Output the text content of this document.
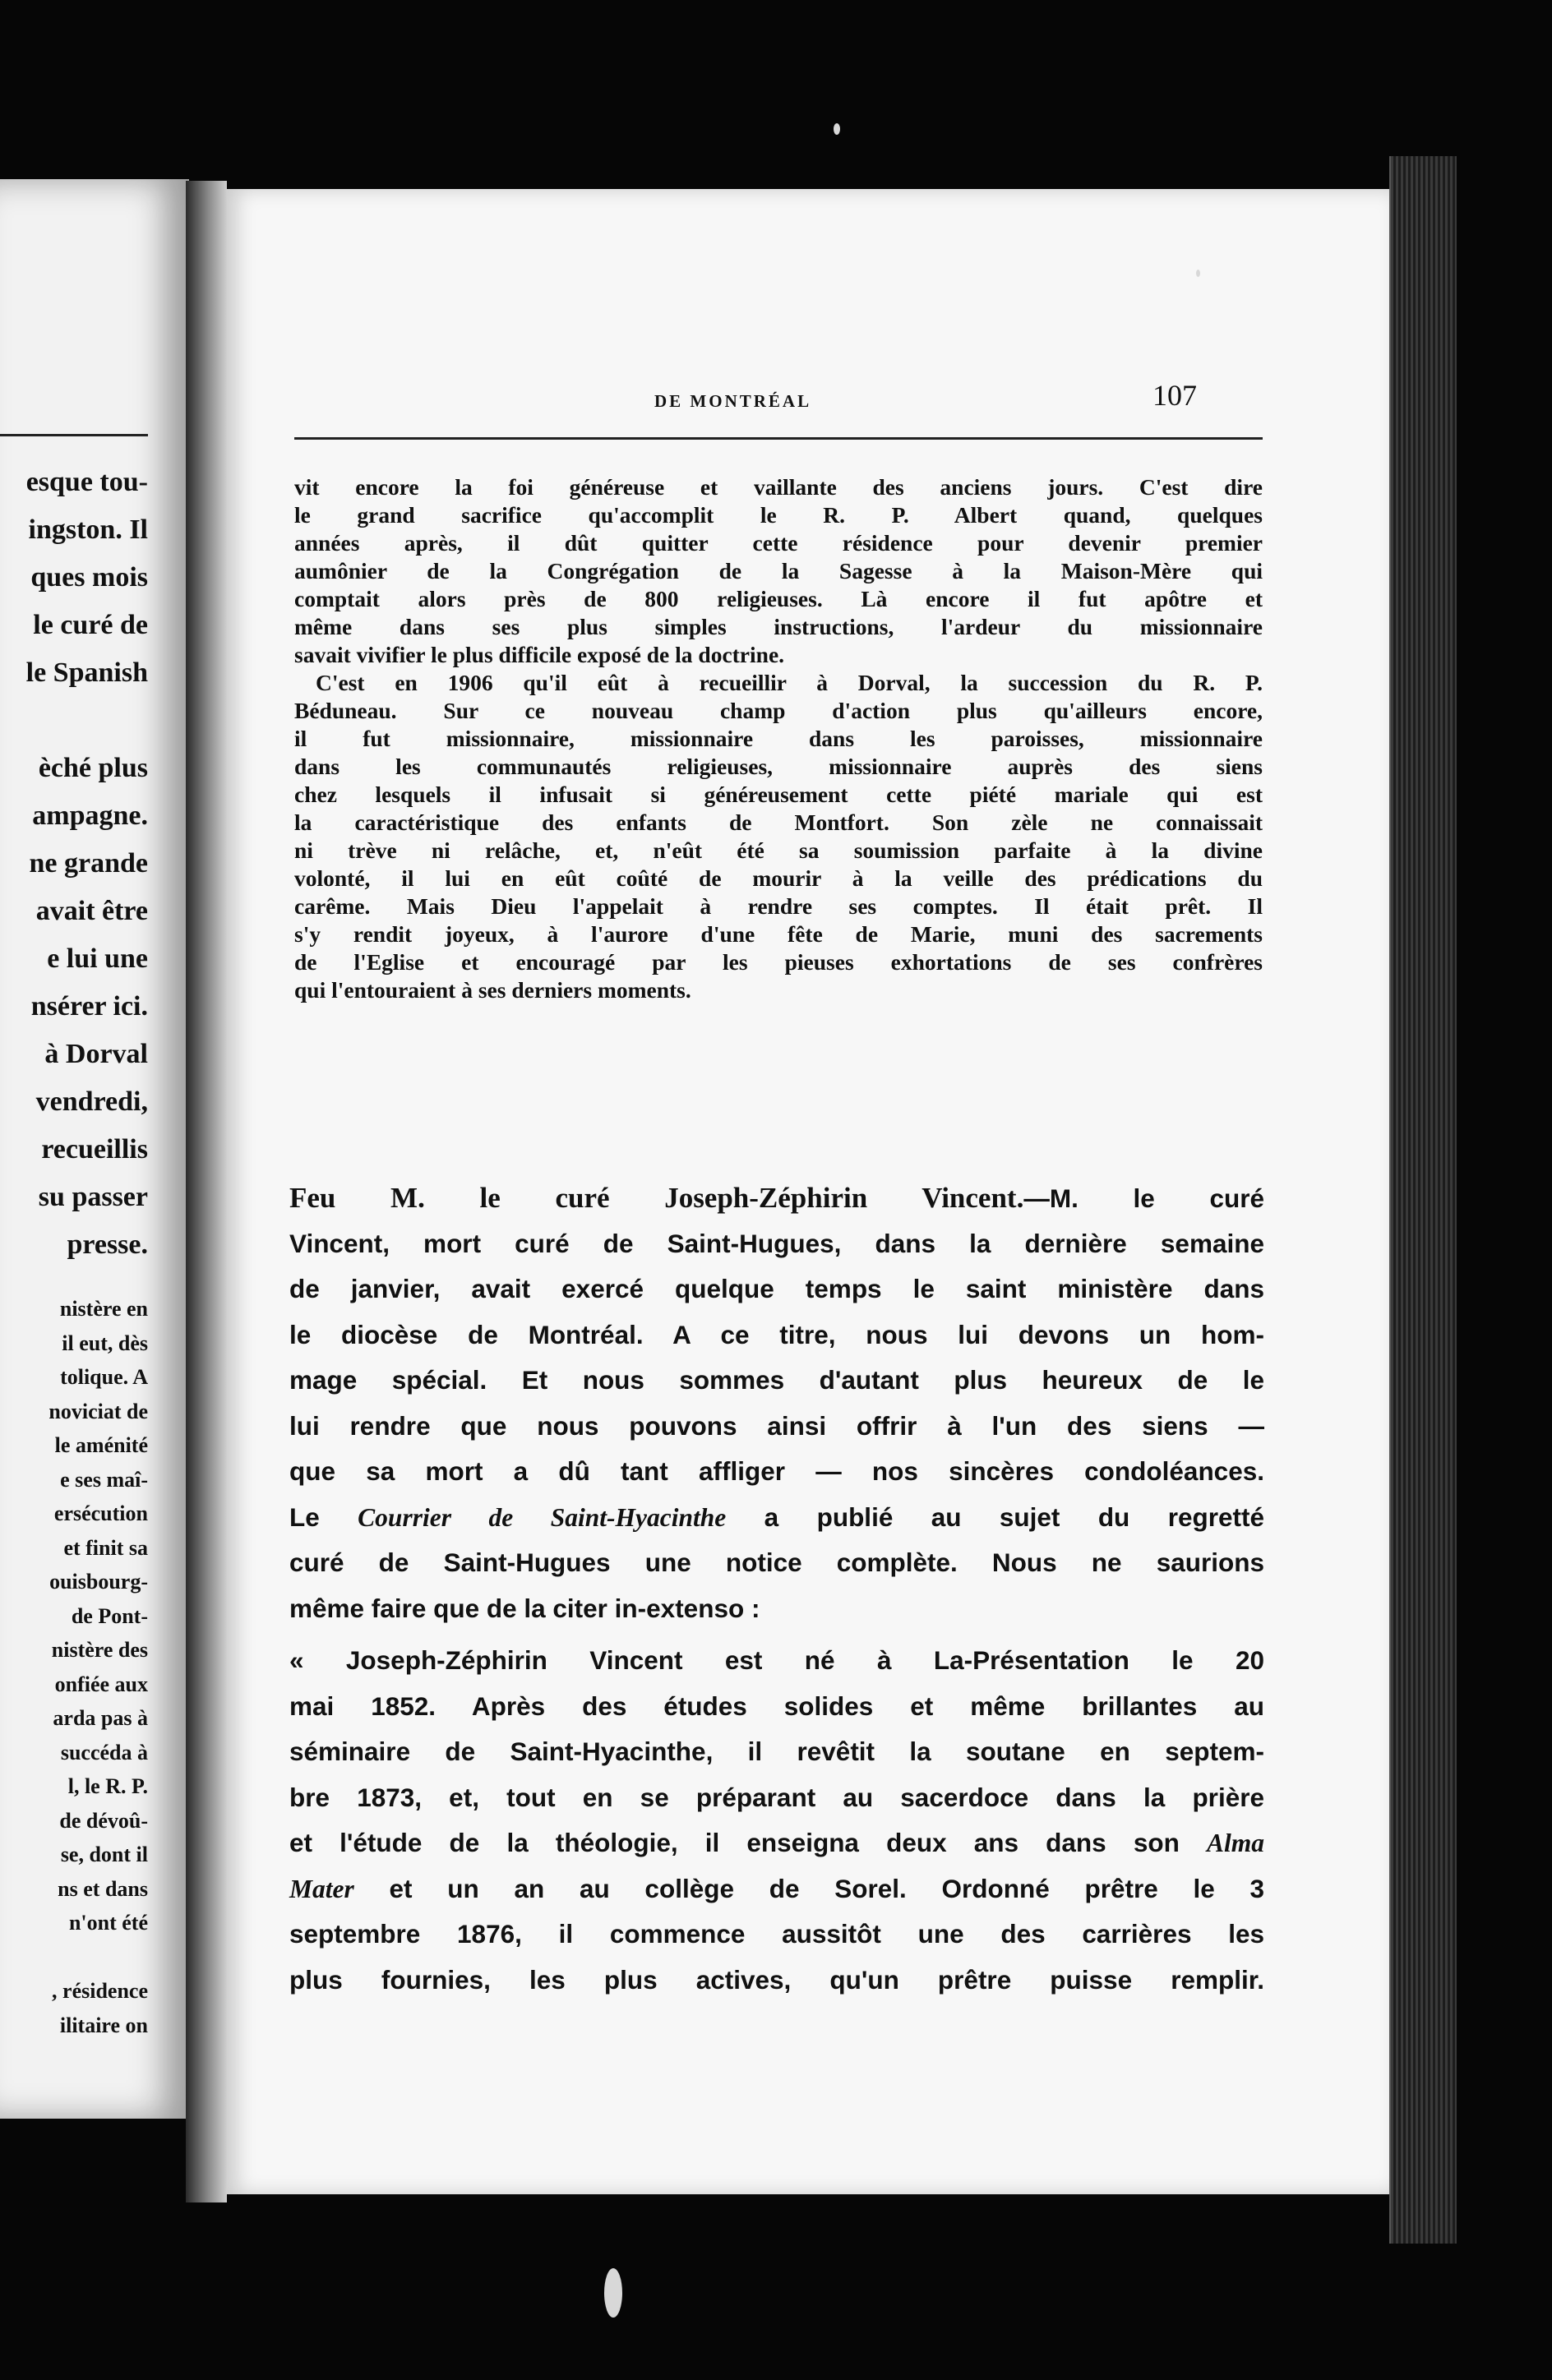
esque tou-
ingston. Il
ques mois
le curé de
le Spanish
èché plus
ampagne.
ne grande
avait être
e lui une
nsérer ici.
à Dorval
vendredi,
recueillis
su passer
presse.
nistère en
il eut, dès
tolique. A
noviciat de
le aménité
e ses maî-
ersécution
et finit sa
ouisbourg-
de Pont-
nistère des
onfiée aux
arda pas à
succéda à
l, le R. P.
de dévoû-
se, dont il
ns et dans
n'ont été
, résidence
ilitaire on
DE MONTRÉAL	107
vit encore la foi généreuse et vaillante des anciens jours. C'est dire
le grand sacrifice qu'accomplit le R. P. Albert quand, quelques
années après, il dût quitter cette résidence pour devenir premier
aumônier de la Congrégation de la Sagesse à la Maison-Mère qui
comptait alors près de 800 religieuses. Là encore il fut apôtre et
même dans ses plus simples instructions, l'ardeur du missionnaire
savait vivifier le plus difficile exposé de la doctrine.
C'est en 1906 qu'il eût à recueillir à Dorval, la succession du R. P.
Béduneau. Sur ce nouveau champ d'action plus qu'ailleurs encore,
il fut missionnaire, missionnaire dans les paroisses, missionnaire
dans les communautés religieuses, missionnaire auprès des siens
chez lesquels il infusait si généreusement cette piété mariale qui est
la caractéristique des enfants de Montfort. Son zèle ne connaissait
ni trève ni relâche, et, n'eût été sa soumission parfaite à la divine
volonté, il lui en eût coûté de mourir à la veille des prédications du
carême. Mais Dieu l'appelait à rendre ses comptes. Il était prêt. Il
s'y rendit joyeux, à l'aurore d'une fête de Marie, muni des sacrements
de l'Eglise et encouragé par les pieuses exhortations de ses confrères
qui l'entouraient à ses derniers moments.
Feu M. le curé Joseph-Zéphirin Vincent.—M. le curé
Vincent, mort curé de Saint-Hugues, dans la dernière semaine
de janvier, avait exercé quelque temps le saint ministère dans
le diocèse de Montréal. A ce titre, nous lui devons un hom-
mage spécial. Et nous sommes d'autant plus heureux de le
lui rendre que nous pouvons ainsi offrir à l'un des siens —
que sa mort a dû tant affliger — nos sincères condoléances.
Le Courrier de Saint-Hyacinthe a publié au sujet du regretté
curé de Saint-Hugues une notice complète. Nous ne saurions
même faire que de la citer in-extenso :
« Joseph-Zéphirin Vincent est né à La-Présentation le 20
mai 1852. Après des études solides et même brillantes au
séminaire de Saint-Hyacinthe, il revêtit la soutane en septem-
bre 1873, et, tout en se préparant au sacerdoce dans la prière
et l'étude de la théologie, il enseigna deux ans dans son Alma
Mater et un an au collège de Sorel. Ordonné prêtre le 3
septembre 1876, il commence aussitôt une des carrières les
plus fournies, les plus actives, qu'un prêtre puisse remplir.
